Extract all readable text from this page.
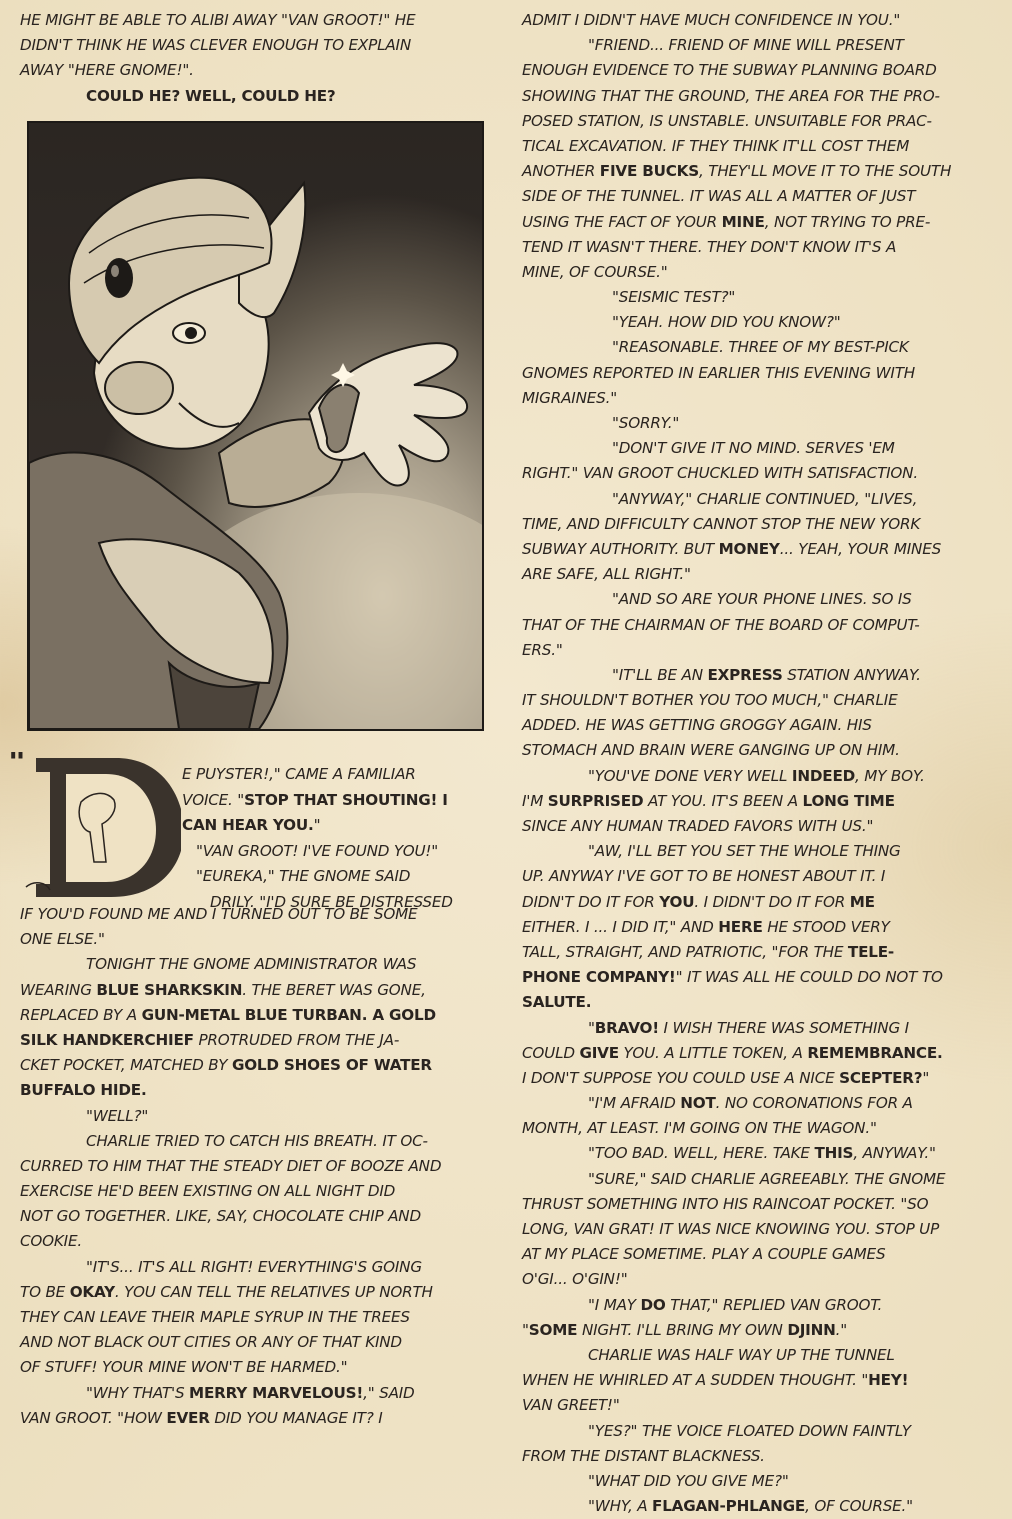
HE MIGHT BE ABLE TO ALIBI AWAY "VAN GROOT!" HE
DIDN'T THINK HE WAS CLEVER ENOUGH TO EXPLAIN
AWAY "HERE GNOME!".
COULD HE? WELL, COULD HE?
"	E PUYSTER!," CAME A FAMILIAR
VOICE. "STOP THAT SHOUTING! I
CAN HEAR YOU."
"VAN GROOT! I'VE FOUND YOU!"
"EUREKA," THE GNOME SAID
DRILY. "I'D SURE BE DISTRESSED
IF YOU'D FOUND ME AND I TURNED OUT TO BE SOME
ONE ELSE."
TONIGHT THE GNOME ADMINISTRATOR WAS
WEARING BLUE SHARKSKIN. THE BERET WAS GONE,
REPLACED BY A GUN-METAL BLUE TURBAN. A GOLD
SILK HANDKERCHIEF PROTRUDED FROM THE JA-
CKET POCKET, MATCHED BY GOLD SHOES OF WATER
BUFFALO HIDE.
"WELL?"
CHARLIE TRIED TO CATCH HIS BREATH. IT OC-
CURRED TO HIM THAT THE STEADY DIET OF BOOZE AND
EXERCISE HE'D BEEN EXISTING ON ALL NIGHT DID
NOT GO TOGETHER. LIKE, SAY, CHOCOLATE CHIP AND
COOKIE.
"IT'S... IT'S ALL RIGHT! EVERYTHING'S GOING
TO BE OKAY. YOU CAN TELL THE RELATIVES UP NORTH
THEY CAN LEAVE THEIR MAPLE SYRUP IN THE TREES
AND NOT BLACK OUT CITIES OR ANY OF THAT KIND
OF STUFF! YOUR MINE WON'T BE HARMED."
"WHY THAT'S MERRY MARVELOUS!," SAID
VAN GROOT. "HOW EVER DID YOU MANAGE IT? I
ADMIT I DIDN'T HAVE MUCH CONFIDENCE IN YOU."
"FRIEND... FRIEND OF MINE WILL PRESENT
ENOUGH EVIDENCE TO THE SUBWAY PLANNING BOARD
SHOWING THAT THE GROUND, THE AREA FOR THE PRO-
POSED STATION, IS UNSTABLE. UNSUITABLE FOR PRAC-
TICAL EXCAVATION. IF THEY THINK IT'LL COST THEM
ANOTHER FIVE BUCKS, THEY'LL MOVE IT TO THE SOUTH
SIDE OF THE TUNNEL. IT WAS ALL A MATTER OF JUST
USING THE FACT OF YOUR MINE, NOT TRYING TO PRE-
TEND IT WASN'T THERE. THEY DON'T KNOW IT'S A
MINE, OF COURSE."
"SEISMIC TEST?"
"YEAH. HOW DID YOU KNOW?"
"REASONABLE. THREE OF MY BEST-PICK
GNOMES REPORTED IN EARLIER THIS EVENING WITH
MIGRAINES."
"SORRY."
"DON'T GIVE IT NO MIND. SERVES 'EM
RIGHT." VAN GROOT CHUCKLED WITH SATISFACTION.
"ANYWAY," CHARLIE CONTINUED, "LIVES,
TIME, AND DIFFICULTY CANNOT STOP THE NEW YORK
SUBWAY AUTHORITY. BUT MONEY... YEAH, YOUR MINES
ARE SAFE, ALL RIGHT."
"AND SO ARE YOUR PHONE LINES. SO IS
THAT OF THE CHAIRMAN OF THE BOARD OF COMPUT-
ERS."
"IT'LL BE AN EXPRESS STATION ANYWAY.
IT SHOULDN'T BOTHER YOU TOO MUCH," CHARLIE
ADDED. HE WAS GETTING GROGGY AGAIN. HIS
STOMACH AND BRAIN WERE GANGING UP ON HIM.
"YOU'VE DONE VERY WELL INDEED, MY BOY.
I'M SURPRISED AT YOU. IT'S BEEN A LONG TIME
SINCE ANY HUMAN TRADED FAVORS WITH US."
"AW, I'LL BET YOU SET THE WHOLE THING
UP. ANYWAY I'VE GOT TO BE HONEST ABOUT IT. I
DIDN'T DO IT FOR YOU. I DIDN'T DO IT FOR ME
EITHER. I ... I DID IT," AND HERE HE STOOD VERY
TALL, STRAIGHT, AND PATRIOTIC, "FOR THE TELE-
PHONE COMPANY!" IT WAS ALL HE COULD DO NOT TO
SALUTE.
"BRAVO! I WISH THERE WAS SOMETHING I
COULD GIVE YOU. A LITTLE TOKEN, A REMEMBRANCE.
I DON'T SUPPOSE YOU COULD USE A NICE SCEPTER?"
"I'M AFRAID NOT. NO CORONATIONS FOR A
MONTH, AT LEAST. I'M GOING ON THE WAGON."
"TOO BAD. WELL, HERE. TAKE THIS, ANYWAY."
"SURE," SAID CHARLIE AGREEABLY. THE GNOME
THRUST SOMETHING INTO HIS RAINCOAT POCKET. "SO
LONG, VAN GRAT! IT WAS NICE KNOWING YOU. STOP UP
AT MY PLACE SOMETIME. PLAY A COUPLE GAMES
O'GI... O'GIN!"
"I MAY DO THAT," REPLIED VAN GROOT.
"SOME NIGHT. I'LL BRING MY OWN DJINN."
CHARLIE WAS HALF WAY UP THE TUNNEL
WHEN HE WHIRLED AT A SUDDEN THOUGHT. "HEY!
VAN GREET!"
"YES?" THE VOICE FLOATED DOWN FAINTLY
FROM THE DISTANT BLACKNESS.
"WHAT DID YOU GIVE ME?"
"WHY, A FLAGAN-PHLANGE, OF COURSE."
